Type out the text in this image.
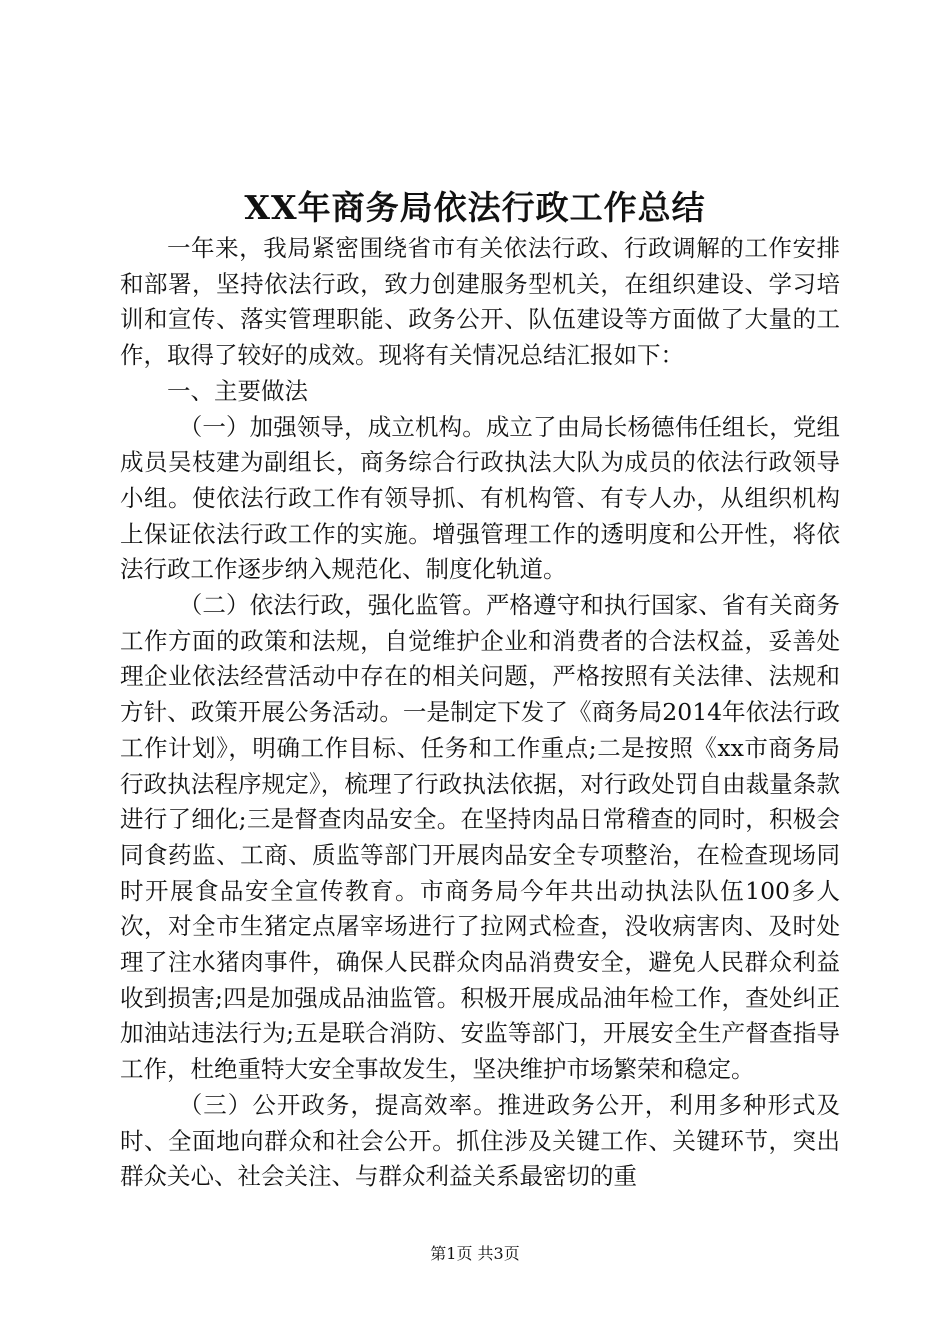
XX年商务局依法行政工作总结

一年来，我局紧密围绕省市有关依法行政、行政调解的工作安排和部署，坚持依法行政，致力创建服务型机关，在组织建设、学习培训和宣传、落实管理职能、政务公开、队伍建设等方面做了大量的工作，取得了较好的成效。现将有关情况总结汇报如下：

一、主要做法

（一）加强领导，成立机构。成立了由局长杨德伟任组长，党组成员吴枝建为副组长，商务综合行政执法大队为成员的依法行政领导小组。使依法行政工作有领导抓、有机构管、有专人办，从组织机构上保证依法行政工作的实施。增强管理工作的透明度和公开性，将依法行政工作逐步纳入规范化、制度化轨道。

（二）依法行政，强化监管。严格遵守和执行国家、省有关商务工作方面的政策和法规，自觉维护企业和消费者的合法权益，妥善处理企业依法经营活动中存在的相关问题，严格按照有关法律、法规和方针、政策开展公务活动。一是制定下发了《商务局2014年依法行政工作计划》，明确工作目标、任务和工作重点;二是按照《xx市商务局行政执法程序规定》，梳理了行政执法依据，对行政处罚自由裁量条款进行了细化;三是督查肉品安全。在坚持肉品日常稽查的同时，积极会同食药监、工商、质监等部门开展肉品安全专项整治，在检查现场同时开展食品安全宣传教育。市商务局今年共出动执法队伍100多人次，对全市生猪定点屠宰场进行了拉网式检查，没收病害肉、及时处理了注水猪肉事件，确保人民群众肉品消费安全，避免人民群众利益收到损害;四是加强成品油监管。积极开展成品油年检工作，查处纠正加油站违法行为;五是联合消防、安监等部门，开展安全生产督查指导工作，杜绝重特大安全事故发生，坚决维护市场繁荣和稳定。

（三）公开政务，提高效率。推进政务公开，利用多种形式及时、全面地向群众和社会公开。抓住涉及关键工作、关键环节，突出群众关心、社会关注、与群众利益关系最密切的重

第1页 共3页
